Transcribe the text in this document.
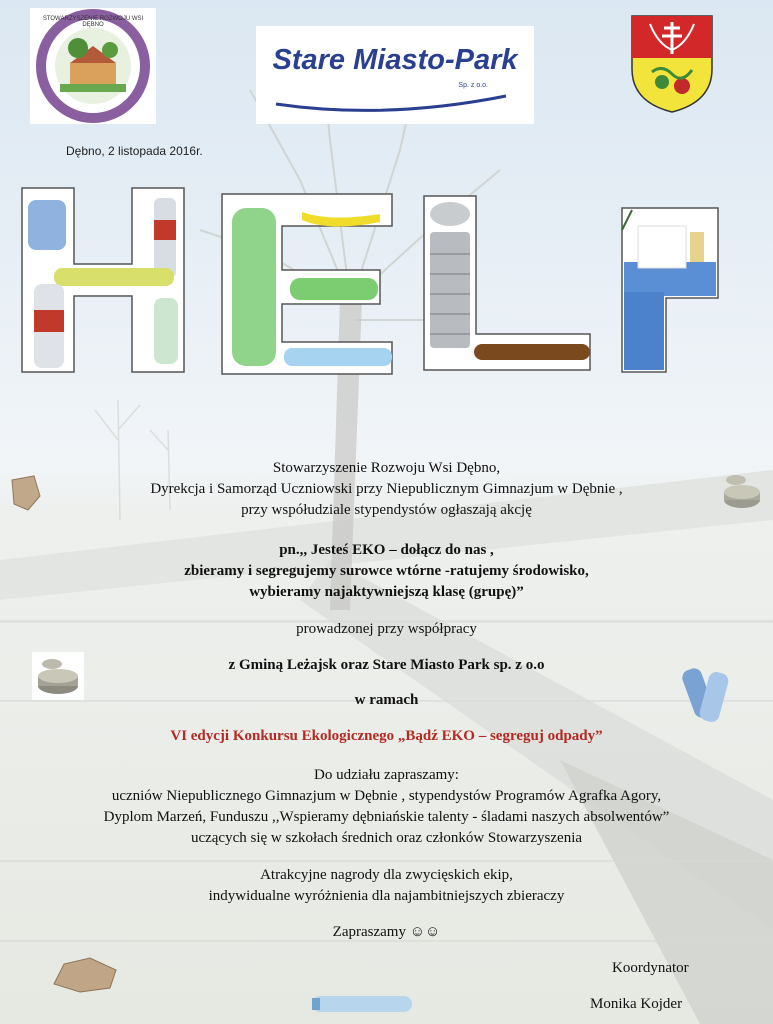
STOWARZYSZENIE ROZWOJU WSI DĘBNO
Stare Miasto-Park
Sp. z o.o.
Dębno, 2 listopada 2016r.
Stowarzyszenie Rozwoju Wsi Dębno,
Dyrekcja i Samorząd Uczniowski przy Niepublicznym Gimnazjum w Dębnie ,
przy współudziale stypendystów ogłaszają akcję
pn.,, Jesteś EKO – dołącz do nas ,
zbieramy i segregujemy surowce wtórne -ratujemy środowisko,
wybieramy najaktywniejszą klasę (grupę)”
prowadzonej przy współpracy
z Gminą Leżajsk oraz Stare Miasto Park sp. z o.o
w ramach
VI edycji Konkursu Ekologicznego „Bądź EKO – segreguj odpady”
Do udziału zapraszamy:
uczniów Niepublicznego Gimnazjum w Dębnie , stypendystów Programów Agrafka Agory,
Dyplom Marzeń, Funduszu ,,Wspieramy dębniańskie talenty - śladami naszych absolwentów”
uczących się w szkołach średnich oraz członków Stowarzyszenia
Atrakcyjne nagrody dla zwycięskich ekip,
indywidualne wyróżnienia dla najambitniejszych zbieraczy
Zapraszamy ☺☺
Koordynator
Monika Kojder
